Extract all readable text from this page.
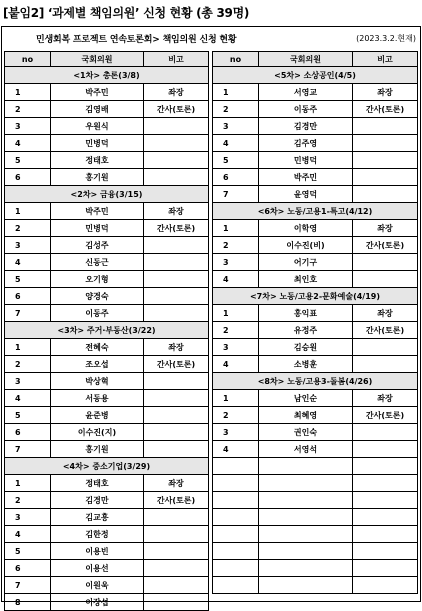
[붙임2] ‘과제별 책임의원’ 신청 현황 (총 39명)
민생회복 프로젝트 연속토론회> 책임의원 신청 현황	(2023.3.2.현재)
no	국회의원	비고
<1차> 총론(3/8)		
1	박주민	좌장
2	김영배	간사(토론)
3	우원식	
4	민병덕	
5	정태호	
6	홍기원	
<2차> 금융(3/15)		
1	박주민	좌장
2	민병덕	간사(토론)
3	김성주	
4	신동근	
5	오기형	
6	양경숙	
7	이동주	
<3차> 주거·부동산(3/22)		
1	전혜숙	좌장
2	조오섭	간사(토론)
3	박상혁	
4	서동용	
5	윤준병	
6	이수진(지)	
7	홍기원	
<4차> 중소기업(3/29)		
1	정태호	좌장
2	김경만	간사(토론)
3	김교흥	
4	김한정	
5	이용빈	
6	이용선	
7	이원욱	
8	이장섭	
no	국회의원	비고
<5차> 소상공인(4/5)		
1	서영교	좌장
2	이동주	간사(토론)
3	김경만	
4	김주영	
5	민병덕	
6	박주민	
7	윤영덕	
<6차> 노동/고용1-특고(4/12)		
1	이학영	좌장
2	이수진(비)	간사(토론)
3	어기구	
4	최인호	
<7차> 노동/고용2-문화예술(4/19)		
1	홍익표	좌장
2	유정주	간사(토론)
3	김승원	
4	소병훈	
<8차> 노동/고용3-돌봄(4/26)		
1	남인순	좌장
2	최혜영	간사(토론)
3	권인숙	
4	서영석	
